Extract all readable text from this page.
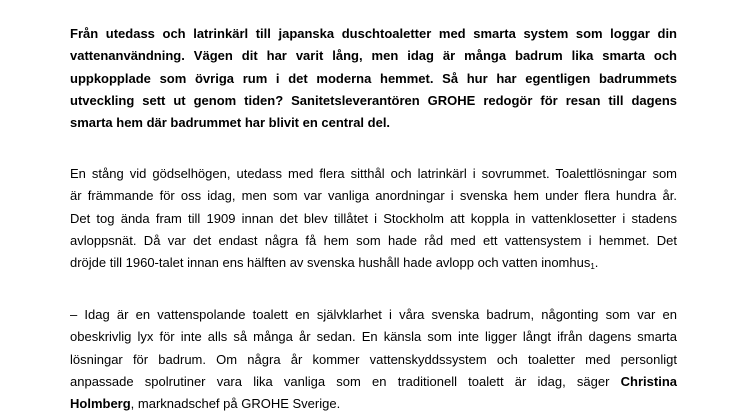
Från utedass och latrinkärl till japanska duschtoaletter med smarta system som loggar din
vattenanvändning. Vägen dit har varit lång, men idag är många badrum lika smarta och
uppkopplade som övriga rum i det moderna hemmet. Så hur har egentligen badrummets
utveckling sett ut genom tiden? Sanitetsleverantören GROHE redogör för resan till dagens
smarta hem där badrummet har blivit en central del.

En stång vid gödselhögen, utedass med flera sitthål och latrinkärl i sovrummet. Toalettlösningar som
är främmande för oss idag, men som var vanliga anordningar i svenska hem under flera hundra år.
Det tog ända fram till 1909 innan det blev tillåtet i Stockholm att koppla in vattenklosetter i stadens
avloppsnät. Då var det endast några få hem som hade råd med ett vattensystem i hemmet. Det
dröjde till 1960-talet innan ens hälften av svenska hushåll hade avlopp och vatten inomhus1.

– Idag är en vattenspolande toalett en självklarhet i våra svenska badrum, någonting som var en
obeskrivlig lyx för inte alls så många år sedan. En känsla som inte ligger långt ifrån dagens smarta
lösningar för badrum. Om några år kommer vattenskyddssystem och toaletter med personligt
anpassade spolrutiner vara lika vanliga som en traditionell toalett är idag, säger Christina
Holmberg, marknadschef på GROHE Sverige.
